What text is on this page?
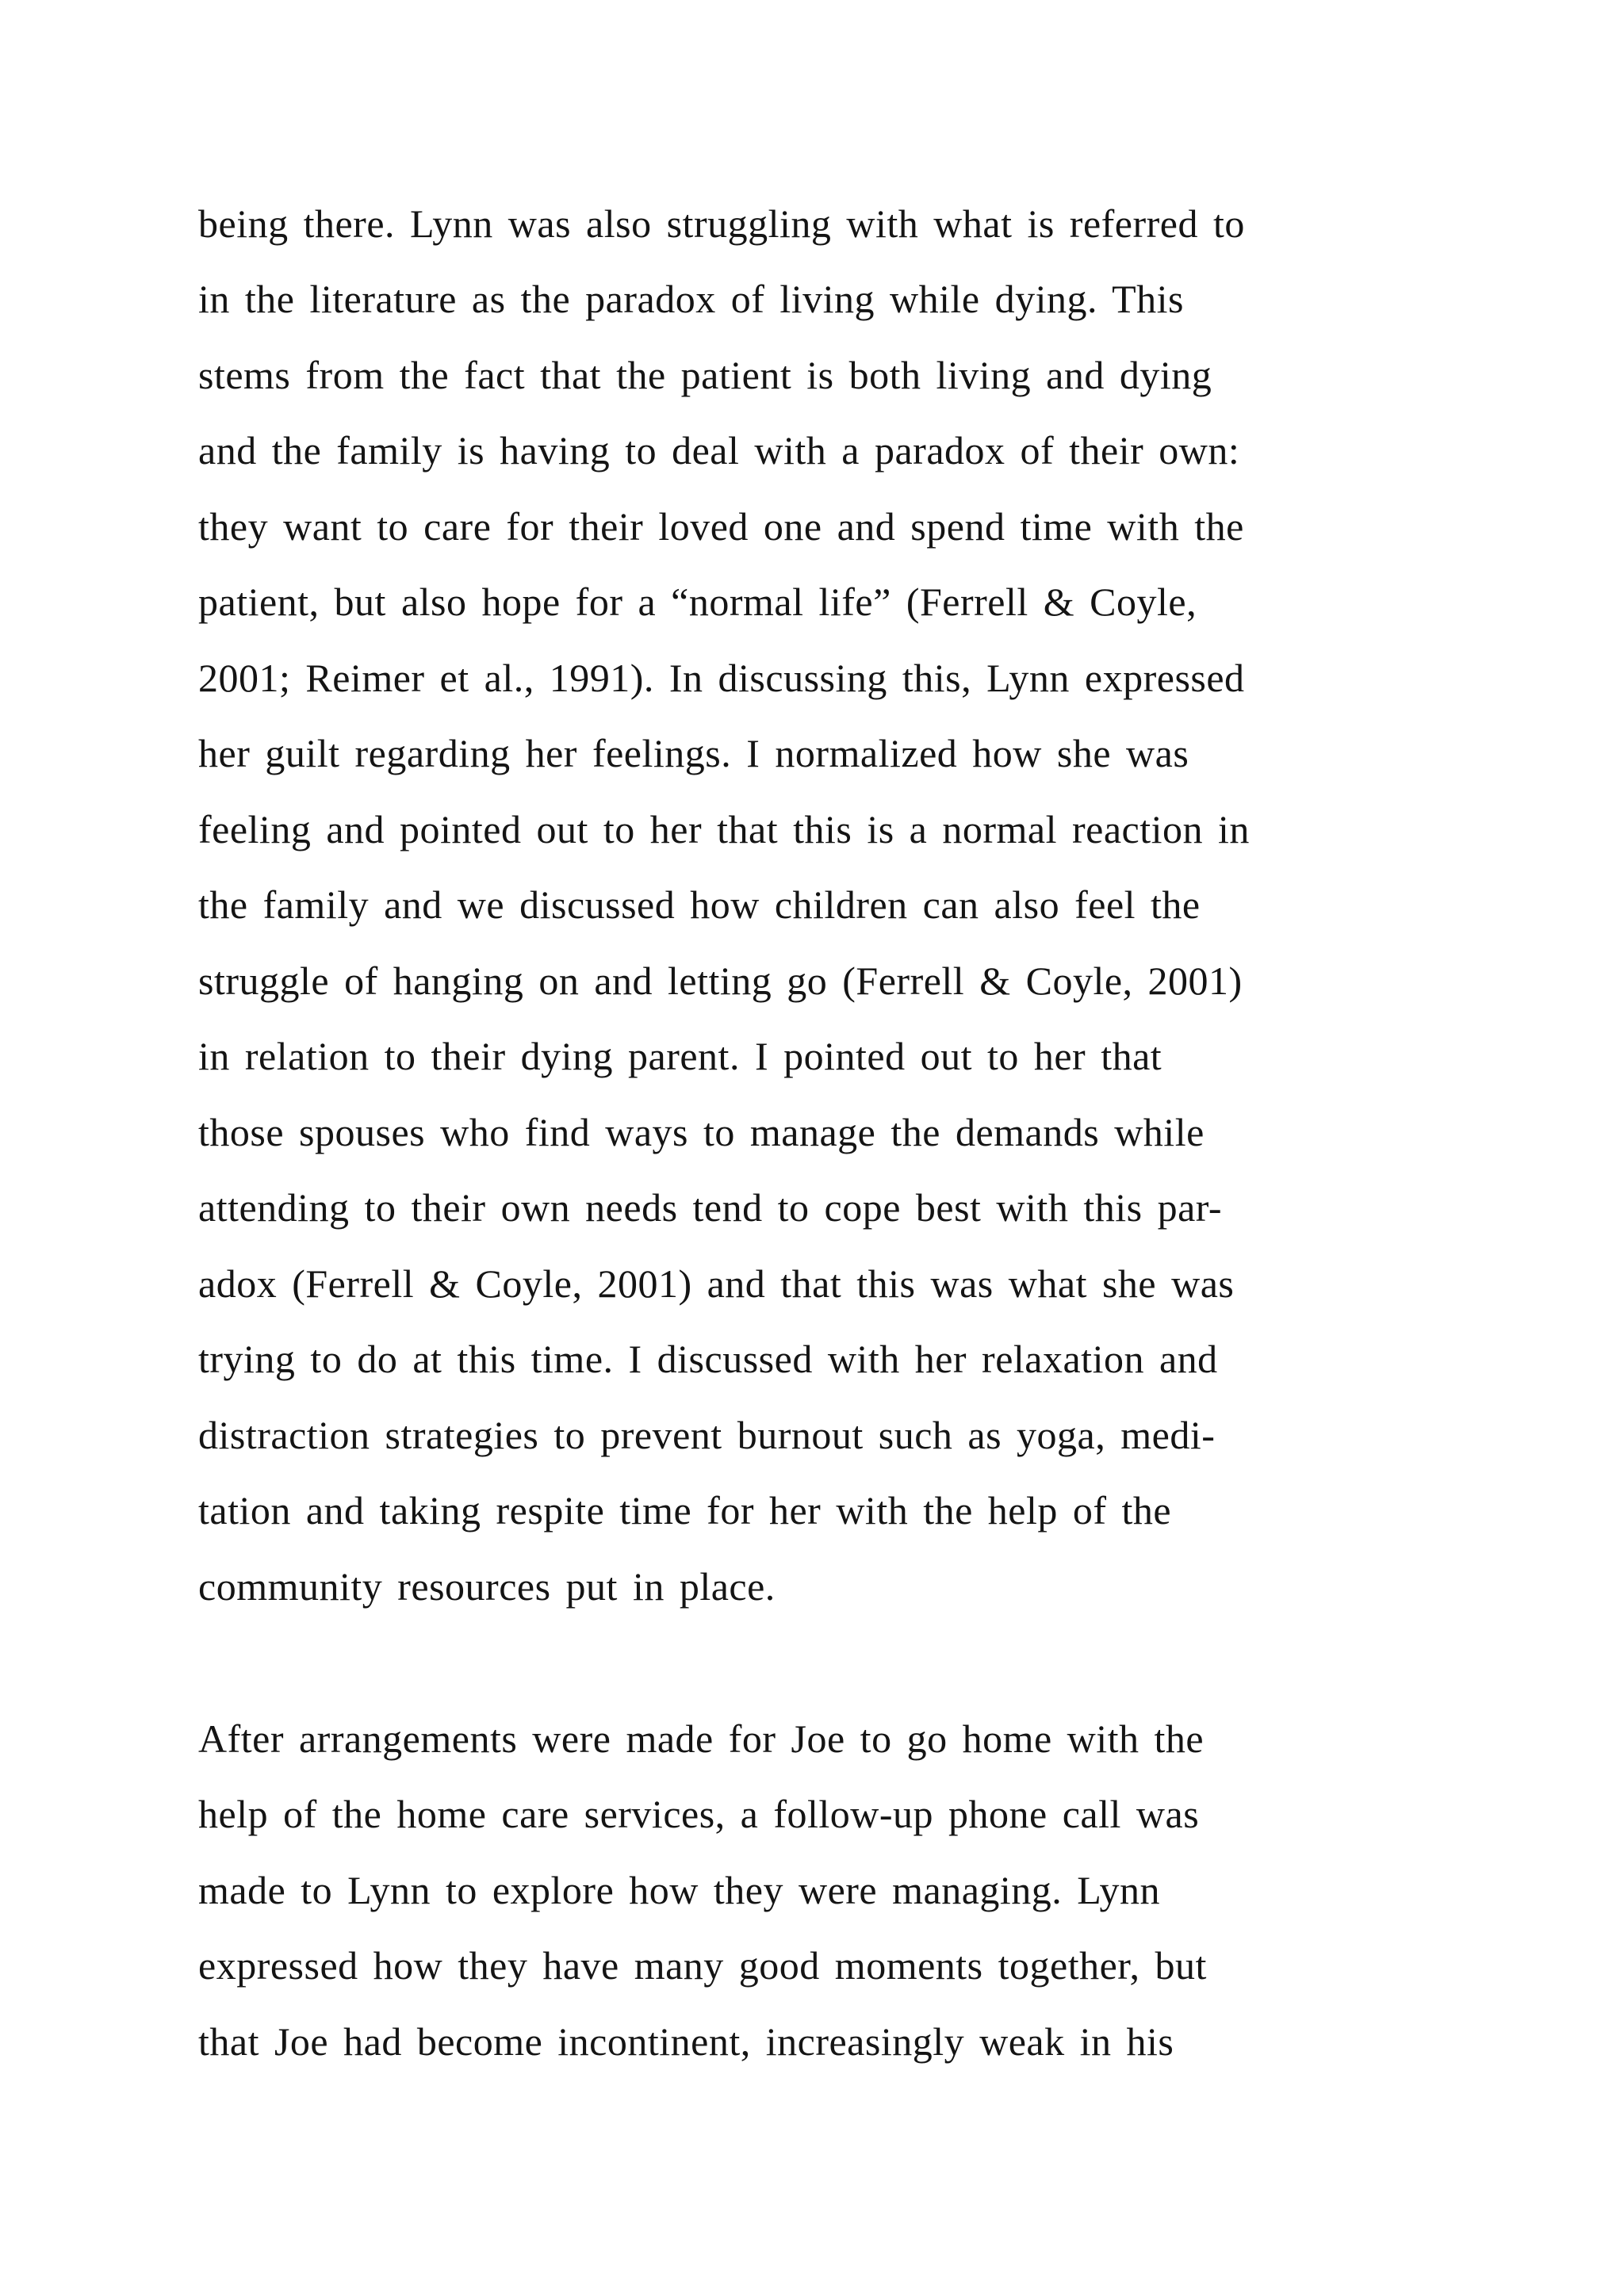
being there. Lynn was also struggling with what is referred to
in the literature as the paradox of living while dying. This
stems from the fact that the patient is both living and dying
and the family is having to deal with a paradox of their own:
they want to care for their loved one and spend time with the
patient, but also hope for a “normal life” (Ferrell & Coyle,
2001; Reimer et al., 1991). In discussing this, Lynn expressed
her guilt regarding her feelings. I normalized how she was
feeling and pointed out to her that this is a normal reaction in
the family and we discussed how children can also feel the
struggle of hanging on and letting go (Ferrell & Coyle, 2001)
in relation to their dying parent. I pointed out to her that
those spouses who find ways to manage the demands while
attending to their own needs tend to cope best with this par-
adox (Ferrell & Coyle, 2001) and that this was what she was
trying to do at this time. I discussed with her relaxation and
distraction strategies to prevent burnout such as yoga, medi-
tation and taking respite time for her with the help of the
community resources put in place.
After arrangements were made for Joe to go home with the
help of the home care services, a follow-up phone call was
made to Lynn to explore how they were managing. Lynn
expressed how they have many good moments together, but
that Joe had become incontinent, increasingly weak in his
